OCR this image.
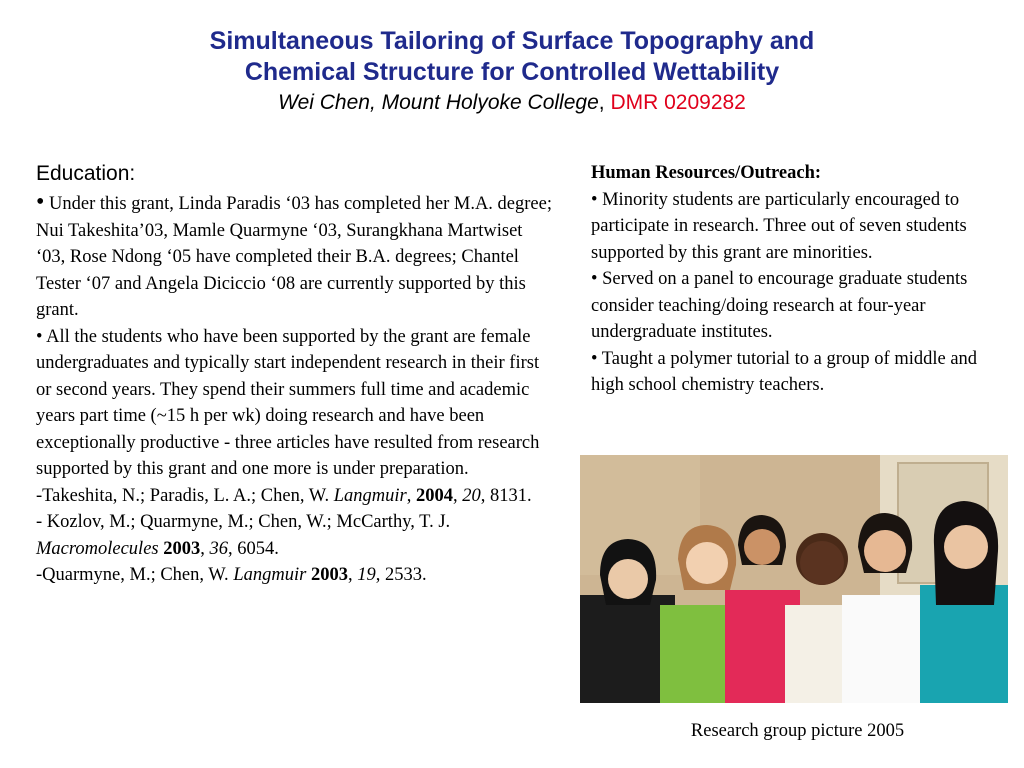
Simultaneous Tailoring of Surface Topography and
Chemical Structure for Controlled Wettability
Wei Chen, Mount Holyoke College, DMR 0209282
Education:

• Under this grant, Linda Paradis ‘03 has completed her M.A. degree; Nui Takeshita’03, Mamle Quarmyne ‘03, Surangkhana Martwiset ‘03, Rose Ndong ‘05 have completed their B.A. degrees; Chantel Tester ‘07 and Angela Diciccio ‘08 are currently supported by this grant.

• All the students who have been supported by the grant are female undergraduates and typically start independent research in their first or second years. They spend their summers full time and academic years part time (~15 h per wk) doing research and have been exceptionally productive - three articles have resulted from research supported by this grant and one more is under preparation.

-Takeshita, N.; Paradis, L. A.; Chen, W. Langmuir, 2004, 20, 8131.

- Kozlov, M.; Quarmyne, M.; Chen, W.; McCarthy, T. J. Macromolecules 2003, 36, 6054.

-Quarmyne, M.; Chen, W. Langmuir 2003, 19, 2533.

Human Resources/Outreach:

• Minority students are particularly encouraged to participate in research. Three out of seven students supported by this grant are minorities.

• Served on a panel to encourage graduate students consider teaching/doing research at four-year undergraduate institutes.

• Taught a polymer tutorial to a group of middle and high school chemistry teachers.

Research group picture 2005
